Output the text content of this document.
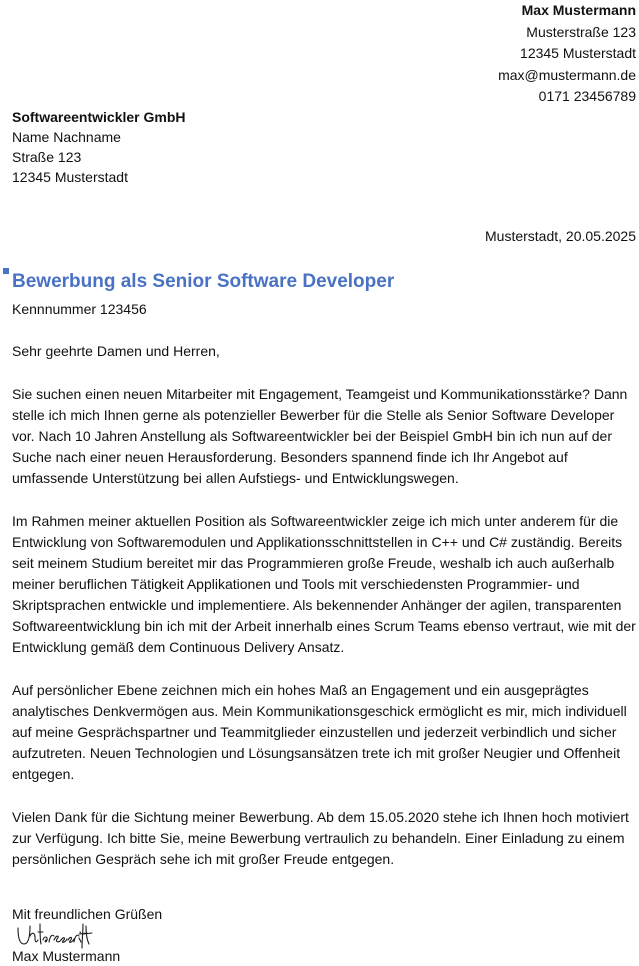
Max Mustermann
Musterstraße 123
12345 Musterstadt
max@mustermann.de
0171 23456789
Softwareentwickler GmbH
Name Nachname
Straße 123
12345 Musterstadt
Musterstadt, 20.05.2025
Bewerbung als Senior Software Developer
Kennnummer 123456

Sehr geehrte Damen und Herren,

Sie suchen einen neuen Mitarbeiter mit Engagement, Teamgeist und Kommunikationsstärke? Dann stelle ich mich Ihnen gerne als potenzieller Bewerber für die Stelle als Senior Software Developer vor. Nach 10 Jahren Anstellung als Softwareentwickler bei der Beispiel GmbH bin ich nun auf der Suche nach einer neuen Herausforderung. Besonders spannend finde ich Ihr Angebot auf umfassende Unterstützung bei allen Aufstiegs- und Entwicklungswegen.

Im Rahmen meiner aktuellen Position als Softwareentwickler zeige ich mich unter anderem für die Entwicklung von Softwaremodulen und Applikationsschnittstellen in C++ und C# zuständig. Bereits seit meinem Studium bereitet mir das Programmieren große Freude, weshalb ich auch außerhalb meiner beruflichen Tätigkeit Applikationen und Tools mit verschiedensten Programmier- und Skriptsprachen entwickle und implementiere. Als bekennender Anhänger der agilen, transparenten Softwareentwicklung bin ich mit der Arbeit innerhalb eines Scrum Teams ebenso vertraut, wie mit der Entwicklung gemäß dem Continuous Delivery Ansatz.

Auf persönlicher Ebene zeichnen mich ein hohes Maß an Engagement und ein ausgeprägtes analytisches Denkvermögen aus. Mein Kommunikationsgeschick ermöglicht es mir, mich individuell auf meine Gesprächspartner und Teammitglieder einzustellen und jederzeit verbindlich und sicher aufzutreten. Neuen Technologien und Lösungsansätzen trete ich mit großer Neugier und Offenheit entgegen.

Vielen Dank für die Sichtung meiner Bewerbung. Ab dem 15.05.2020 stehe ich Ihnen hoch motiviert zur Verfügung. Ich bitte Sie, meine Bewerbung vertraulich zu behandeln. Einer Einladung zu einem persönlichen Gespräch sehe ich mit großer Freude entgegen.

Mit freundlichen Grüßen
Max Mustermann
